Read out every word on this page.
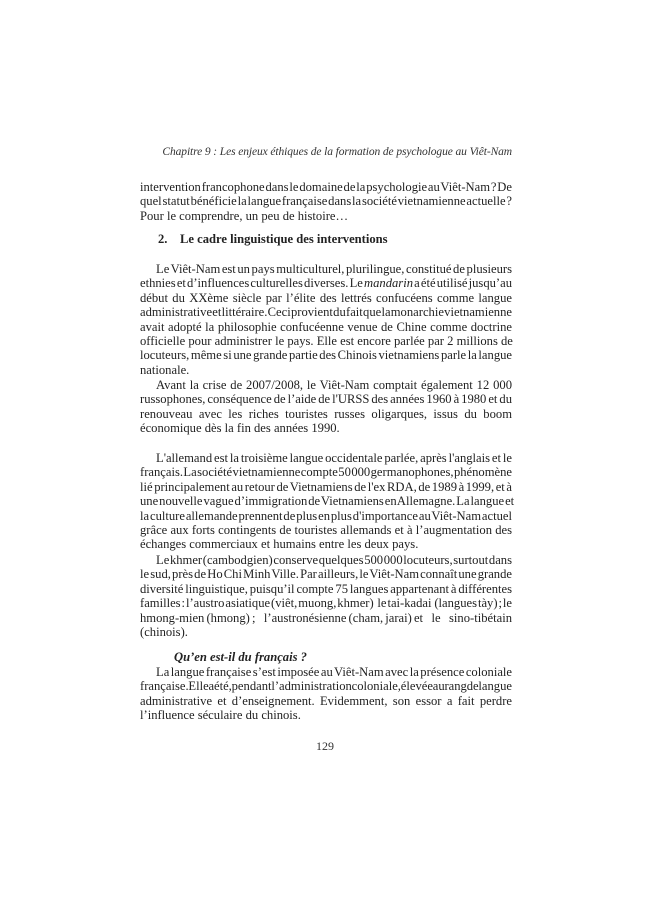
Chapitre 9 : Les enjeux éthiques de la formation de psychologue au Viêt-Nam
intervention francophone dans le domaine de la psychologie au Viêt-Nam ? De
quel statut bénéficie la langue française dans la société vietnamienne actuelle ?
Pour le comprendre, un peu de histoire…
2. Le cadre linguistique des interventions
Le Viêt-Nam est un pays multiculturel, plurilingue, constitué de plusieurs
ethnies et d’influences culturelles diverses. Le mandarin a été utilisé jusqu’au
début du XXème siècle par l’élite des lettrés confucéens comme langue
administrative et littéraire. Ceci provient du fait que la monarchie vietnamienne
avait adopté la philosophie confucéenne venue de Chine comme doctrine
officielle pour administrer le pays. Elle est encore parlée par 2 millions de
locuteurs, même si une grande partie des Chinois vietnamiens parle la langue
nationale.
Avant la crise de 2007/2008, le Viêt-Nam comptait également 12 000
russophones, conséquence de l’aide de l'URSS des années 1960 à 1980 et du
renouveau avec les riches touristes russes oligarques, issus du boom
économique dès la fin des années 1990.
L'allemand est la troisième langue occidentale parlée, après l'anglais et le
français. La société vietnamienne compte 50 000 germanophones, phénomène
lié principalement au retour de Vietnamiens de l'ex RDA, de 1989 à 1999, et à
une nouvelle vague d’immigration de Vietnamiens en Allemagne. La langue et
la culture allemande prennent de plus en plus d'importance au Viêt-Nam actuel
grâce aux forts contingents de touristes allemands et à l’augmentation des
échanges commerciaux et humains entre les deux pays.
Le khmer (cambodgien) conserve quelques 500 000 locuteurs, surtout dans
le sud, près de Ho Chi Minh Ville. Par ailleurs, le Viêt-Nam connaît une grande
diversité linguistique, puisqu’il compte 75 langues appartenant à différentes
familles : l’austro asiatique (viêt, muong, khmer)    le tai-kadai   (langues tày) ; le
hmong-mien (hmong) ;    l’austronésienne (cham, jarai) et    le    sino-tibétain
(chinois).
Qu’en est-il du français ?
La langue française s’est imposée au Viêt-Nam avec la présence coloniale
française. Elle a été, pendant l’administration coloniale, élevée au rang de langue
administrative et d’enseignement. Evidemment, son essor a fait perdre
l’influence séculaire du chinois.
129
